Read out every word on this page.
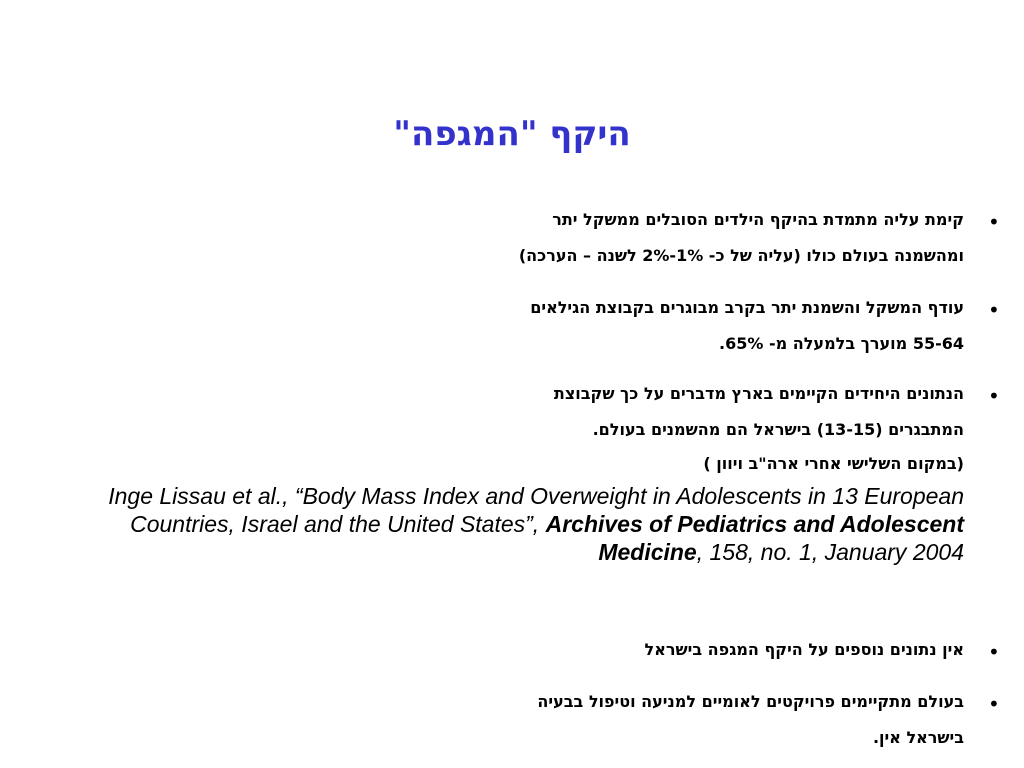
היקף "המגפה"
•
קימת עליה מתמדת בהיקף הילדים הסובלים ממשקל יתר
ומהשמנה בעולם כולו (עליה של כ- 1%-2% לשנה – הערכה)
•
עודף המשקל והשמנת יתר בקרב מבוגרים בקבוצת הגילאים
55-64 מוערך בלמעלה מ- 65%.
•
הנתונים היחידים הקיימים בארץ מדברים על כך שקבוצת
המתבגרים (13-15) בישראל הם מהשמנים בעולם.
(במקום השלישי אחרי ארה"ב ויוון )
Inge Lissau et al., “Body Mass Index and Overweight in Adolescents in 13 European Countries, Israel and the United States”, Archives of Pediatrics and Adolescent Medicine, 158, no. 1, January 2004
•
אין נתונים נוספים על היקף המגפה בישראל
•
בעולם מתקיימים פרויקטים לאומיים למניעה וטיפול בבעיה
בישראל אין.
